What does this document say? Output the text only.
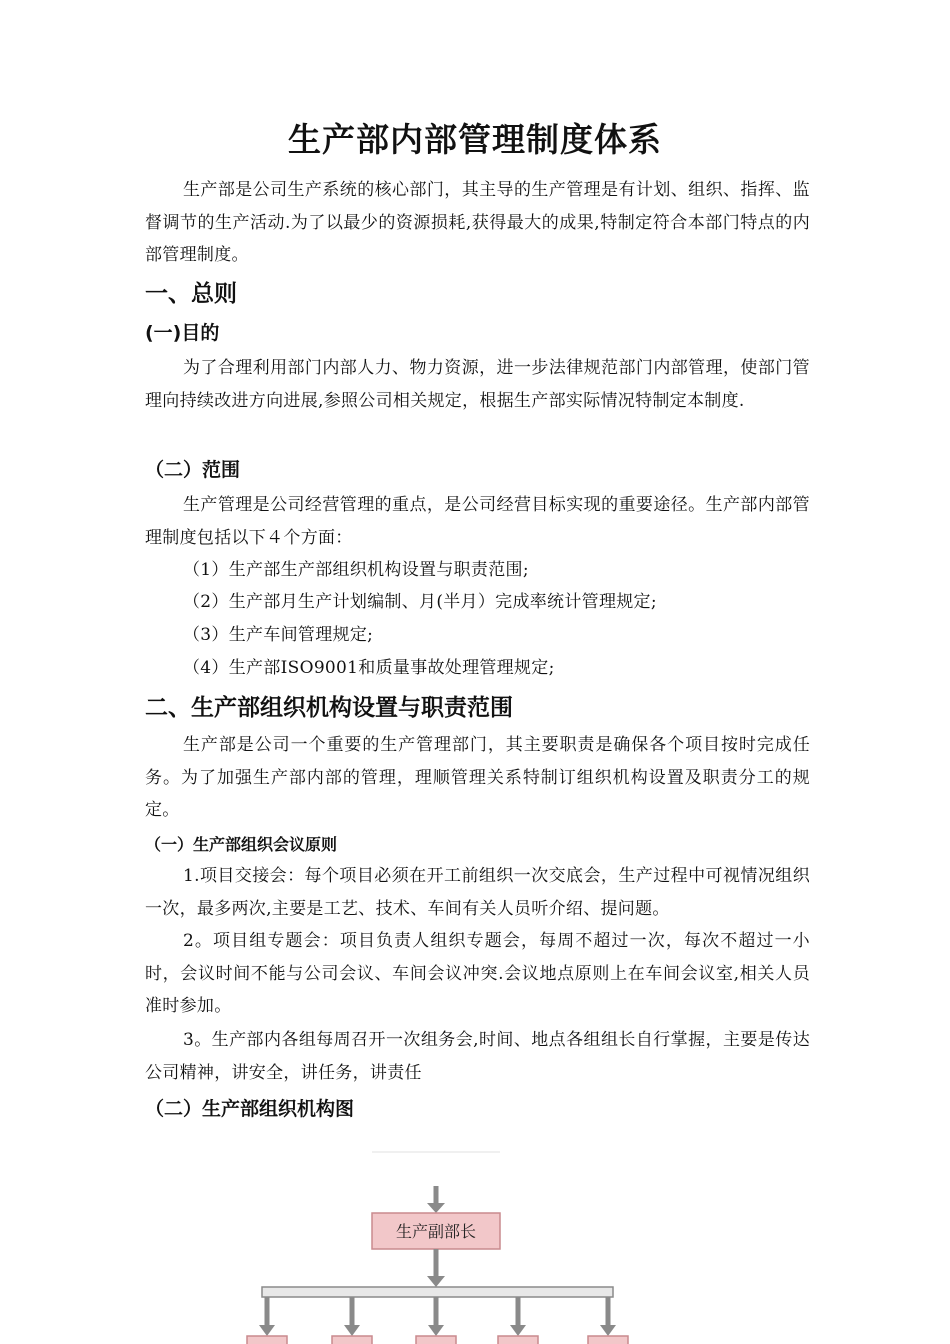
生产部内部管理制度体系

生产部是公司生产系统的核心部门，其主导的生产管理是有计划、组织、指挥、监督调节的生产活动.为了以最少的资源损耗,获得最大的成果,特制定符合本部门特点的内部管理制度。

一、总则
(一)目的

为了合理利用部门内部人力、物力资源，进一步法律规范部门内部管理，使部门管理向持续改进方向进展,参照公司相关规定，根据生产部实际情况特制定本制度.

（二）范围

生产管理是公司经营管理的重点，是公司经营目标实现的重要途径。生产部内部管理制度包括以下４个方面：

（1）生产部生产部组织机构设置与职责范围;

（2）生产部月生产计划编制、月(半月）完成率统计管理规定;

（3）生产车间管理规定;

（4）生产部ISO9001和质量事故处理管理规定;

二、生产部组织机构设置与职责范围

生产部是公司一个重要的生产管理部门，其主要职责是确保各个项目按时完成任务。为了加强生产部内部的管理，理顺管理关系特制订组织机构设置及职责分工的规定。

（一）生产部组织会议原则

1.项目交接会：每个项目必须在开工前组织一次交底会，生产过程中可视情况组织一次，最多两次,主要是工艺、技术、车间有关人员听介绍、提问题。

2。项目组专题会：项目负责人组织专题会，每周不超过一次，每次不超过一小时，会议时间不能与公司会议、车间会议冲突.会议地点原则上在车间会议室,相关人员准时参加。

3。生产部内各组每周召开一次组务会,时间、地点各组组长自行掌握，主要是传达公司精神，讲安全，讲任务，讲责任

（二）生产部组织机构图
生产副部长
